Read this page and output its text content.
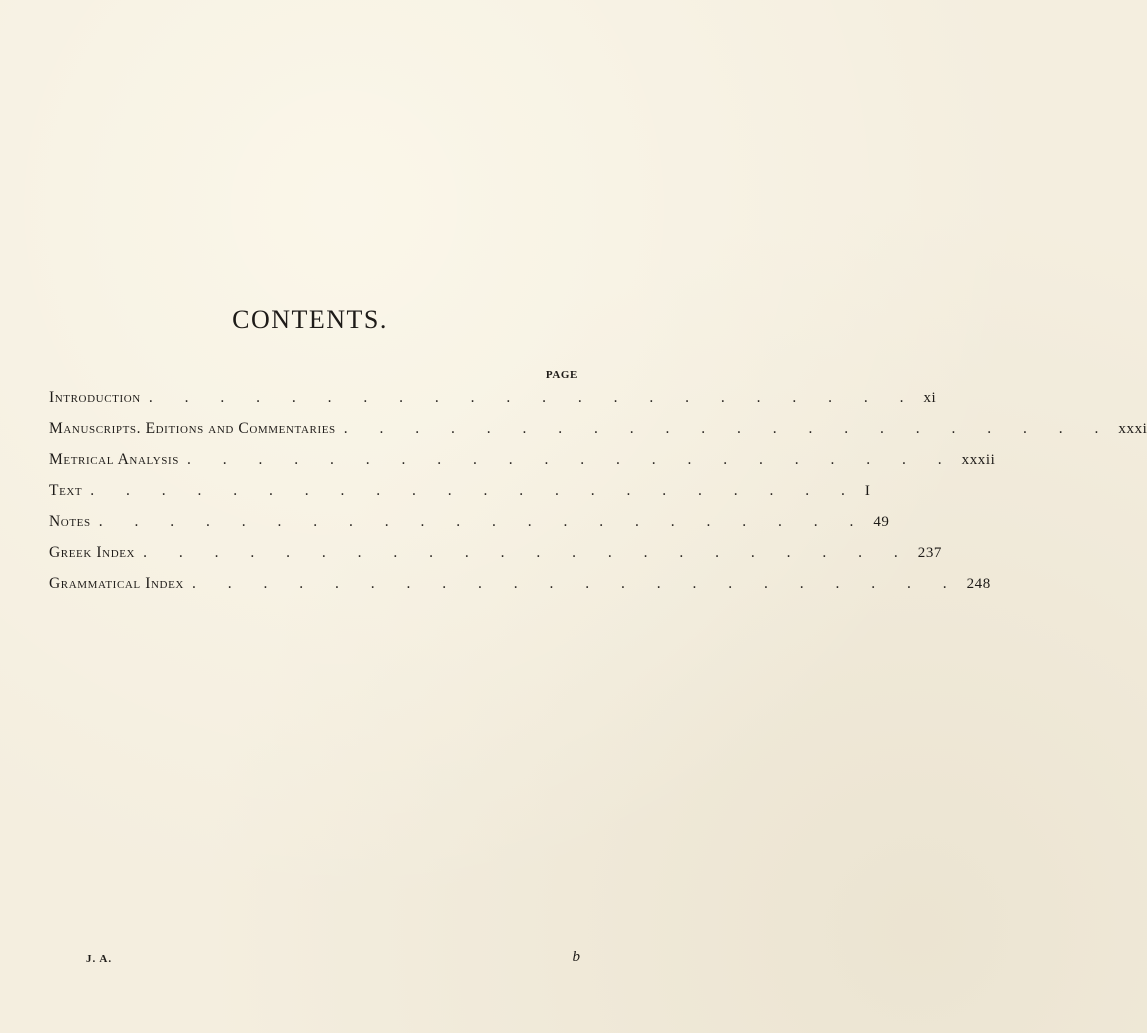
CONTENTS.
PAGE
Introduction . . . . . . . . . . . . . . . . . . . . . . xi
Manuscripts. Editions and Commentaries . . . . . . . . . . . . . . . . . . . . . . xxxi
Metrical Analysis . . . . . . . . . . . . . . . . . . . . . . xxxii
Text . . . . . . . . . . . . . . . . . . . . . . I
Notes . . . . . . . . . . . . . . . . . . . . . . 49
Greek Index . . . . . . . . . . . . . . . . . . . . . . 237
Grammatical Index . . . . . . . . . . . . . . . . . . . . . . 248
J. A.	b
